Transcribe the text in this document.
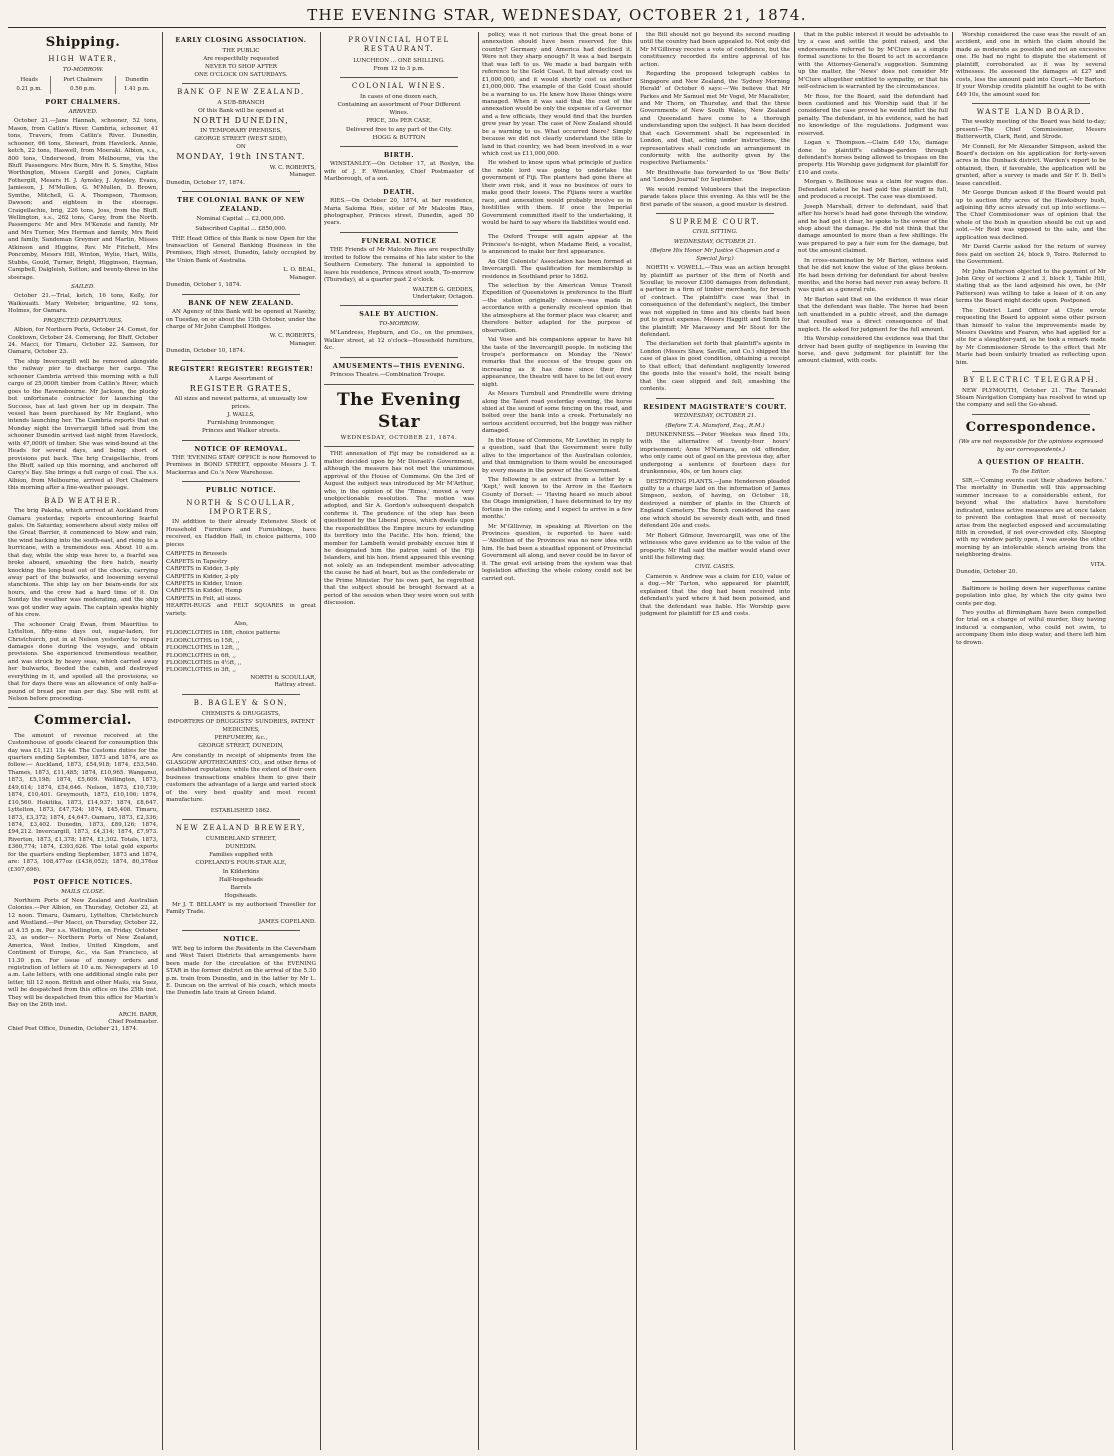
THE EVENING STAR, WEDNESDAY, OCTOBER 21, 1874.
Shipping.
HIGH WATER,
TO-MORROW.
Heads	Port Chalmers	Dunedin
0.21 p.m.	0.56 p.m.	1.41 p.m.
PORT CHALMERS.
ARRIVED.

October 21.—Jane Hannah, schooner, 52 tons, Mason, from Catlin's River. Cambria, schooner, 41 tons, Travers, from Catlin's River. Dunedin, schooner, 66 tons, Stewart, from Havelock. Annie, ketch, 22 tons, Haswell, from Moeraki. Albion, s.s., 800 tons, Underwood, from Melbourne, via the Bluff. Passengers: Mrs Burn, Mrs R. S. Smythe, Miss Worthington, Misses Cargill and Jones, Captain Fothergill, Messrs H. J. Aynsley, J. Aynsley, Evans, Jamieson, J. M'Mullen, G. M'Mullen, D. Brown, Symthe, Mitchell, G. A. Thompson, Thomson, Dawson; and eighteen in the steerage. Craigellachie, brig, 226 tons, Joss, from the Bluff. Wellington, s.s., 262 tons, Carey, from the North. Passengers: Mr and Mrs M'Kenzie and family, Mr and Mrs Turner, Mrs Herman and family, Mrs Reid and family, Sandeman Greymer and Martin, Misses Atkinson and Higgins, Rev. Mr Fitchett, Mrs Poncomby, Messrs Hill, Winton, Wylie, Hart, Wills, Stubbs, Gould, Turner, Bright, Higginson, Hayman, Campbell, Dalgleish, Sutton; and twenty-three in the steerage.

SAILED.

October 21.—Trial, ketch, 16 tons, Kelly, for Waikouaiti. Mary Webster, brigantine, 92 tons, Holmes, for Oamaru.

PROJECTED DEPARTURES.

Albion, for Northern Ports, October 24. Comet, for Cooktown, October 24. Comerang, for Bluff, October 24. Macci, for Timaru, October 22. Samson, for Oamaru, October 23.

The ship Invercargill will be removed alongside the railway pier to discharge her cargo. The schooner Cambria arrived this morning with a full cargo of 25,000ft timber from Catlin's River, which goes to the Ravensbourne. Mr Jackson, the plucky but unfortunate contractor for launching the Success, has at last given her up in despair. The vessel has been purchased by Mr England, who intends launching her. The Cambria reports that on Monday night the Invercargill lifted sail from the schooner Dunedin arrived last night from Havelock, with 47,000ft of timber. She was wind-bound at the Heads for several days, and being short of provisions put back. The brig Craigellachie, from the Bluff, sailed up this morning, and anchored off Carey's Bay. She brings a full cargo of coal. The s.s. Albion, from Melbourne, arrived at Port Chalmers this morning after a fine-weather passage.

BAD WEATHER.

The brig Pakeha, which arrived at Auckland from Oamaru yesterday, reports encountering fearful gales. On Saturday, somewhere about sixty miles off the Great Barrier, it commenced to blow and rain, the wind backing into the south-east, and rising to a hurricane, with a tremendous sea. About 10 a.m. that day, while the ship was hove to, a fearful sea broke aboard, smashing the fore hatch, nearly knocking the long-boat out of the chocks, carrying away part of the bulwarks, and loosening several stanchions. The ship lay on her beam-ends for six hours, and the crew had a hard time of it. On Sunday the weather was moderating, and the ship was got under way again. The captain speaks highly of his crew.

The schooner Craig Ewan, from Mauritius to Lyttelton, fifty-nine days out, sugar-laden, for Christchurch, put in at Nelson yesterday to repair damages done during the voyage, and obtain provisions. She experienced tremendous weather, and was struck by heavy seas, which carried away her bulwarks, flooded the cabin, and destroyed everything in it, and spoiled all the provisions, so that for days there was an allowance of only half-a-pound of bread per man per day. She will refit at Nelson before proceeding.

Commercial.

The amount of revenue received at the Customhouse of goods cleared for consumption this day was £1,121 13s 4d. The Customs duties for the quarters ending September, 1873 and 1874, are as follow:— Auckland, 1873, £54,918; 1874, £53,540. Thames, 1873, £11,485; 1874, £10,965. Wanganui, 1873, £5,198; 1874, £5,609. Wellington, 1873, £49,614; 1874, £54,646. Nelson, 1873, £10,739; 1874, £10,401. Greymouth, 1873, £10,106; 1874, £10,560. Hokitika, 1873, £14,937; 1874, £8,647. Lyttelton, 1873, £47,724; 1874, £45,408. Timaru, 1873, £3,372; 1874, £4,647. Oamaru, 1873, £2,336; 1874, £3,402. Dunedin, 1873, £89,126; 1874, £94,212. Invercargill, 1873, £4,314; 1874, £7,973. Riverton, 1873, £1,378; 1874, £1,302. Totals, 1873, £360,774; 1874, £393,626. The total gold exports for the quarters ending September, 1873 and 1874, are: 1873, 108,477oz (£436,052); 1874, 80,376oz (£307,696).

POST OFFICE NOTICES.
MAILS CLOSE.

Northern Ports of New Zealand and Australian Colonies.—Per Albion, on Thursday, October 22, at 12 noon. Timaru, Oamaru, Lyttelton, Christchurch and Westland.—Per Macci, on Thursday, October 22, at 4.15 p.m. Per s.s. Wellington, on Friday, October 23, as under— Northern Ports of New Zealand, America, West Indies, United Kingdom, and Continent of Europe, &c., via San Francisco, at 11.30 p.m. For issue of money orders and registration of letters at 10 a.m. Newspapers at 10 a.m. Late letters, with one additional single rate per letter, till 12 noon. British and other Mails, via Suez, will be despatched from this office on the 25th inst. They will be despatched from this office for Martin's Bay on the 26th inst.

ARCH. BARR,
Chief Postmaster.

Chief Post Office, Dunedin, October 21, 1874.

EARLY CLOSING ASSOCIATION.
THE PUBLIC
Are respectfully requested
NEVER TO SHOP AFTER
ONE O'CLOCK ON SATURDAYS.
BANK OF NEW ZEALAND.
A SUB-BRANCH
Of this Bank will be opened at
NORTH DUNEDIN,
IN TEMPORARY PREMISES,
GEORGE STREET (WEST SIDE),
ON
MONDAY, 19th INSTANT.
W. C. ROBERTS,
Manager.

Dunedin, October 17, 1874.

THE COLONIAL BANK OF NEW ZEALAND.
Nominal Capital ... £2,000,000.
Subscribed Capital ... £850,000.

THE Head Office of this Bank is now Open for the transaction of General Banking Business in the Premises, High street, Dunedin, lately occupied by the Union Bank of Australia.

L. O. BEAL,
Manager.

Dunedin, October 1, 1874.

BANK OF NEW ZEALAND.

AN Agency of this Bank will be opened at Naseby, on Tuesday, on or about the 13th October, under the charge of Mr John Campbell Hodges.

W. C. ROBERTS,
Manager.

Dunedin, October 10, 1874.

REGISTER! REGISTER! REGISTER!
A Large Assortment of
REGISTER GRATES,
All sizes and newest patterns, at unusually low prices.
J. WALLS,
Furnishing Ironmonger,
Princes and Walker streets.
NOTICE OF REMOVAL.

THE 'EVENING STAR' OFFICE is now Removed to Premises in BOND STREET, opposite Messrs J. T. Mackerras and Co.'s New Warehouse.

PUBLIC NOTICE.
NORTH & SCOULLAR, IMPORTERS,

IN addition to their already Extensive Stock of Household Furniture and Furnishings, have received, ex Haddon Hall, in choice patterns, 100 pieces

CARPETS in Brussels
CARPETS in Tapestry
CARPETS in Kidder, 3-ply
CARPETS in Kidder, 2-ply
CARPETS in Kidder, Union
CARPETS in Kidder, Hemp
CARPETS in Felt, all sizes.
HEARTH-RUGS and FELT SQUARES in great variety.
Also,
FLOORCLOTHS in 18ft, choice patterns
FLOORCLOTHS in 15ft, ,,
FLOORCLOTHS in 12ft, ,,
FLOORCLOTHS in 6ft, ,,
FLOORCLOTHS in 4½ft, ,,
FLOORCLOTHS in 3ft, ,,
NORTH & SCOULLAR,
Rattray street.
B. BAGLEY & SON,
CHEMISTS & DRUGGISTS,
IMPORTERS OF DRUGGISTS' SUNDRIES, PATENT MEDICINES,
PERFUMERY, &c.,
GEORGE STREET, DUNEDIN,

Are constantly in receipt of shipments from the GLASGOW APOTHECARIES' CO., and other firms of established reputation; while the extent of their own business transactions enables them to give their customers the advantage of a large and varied stock of the very best quality and most recent manufacture.

ESTABLISHED 1862.
NEW ZEALAND BREWERY,
CUMBERLAND STREET,
DUNEDIN.
Families supplied with
COPELAND'S FOUR-STAR ALE,
In Kilderkins
Half-hogsheads
Barrels
Hogsheads.

Mr J. T. BELLAMY is my authorised Traveller for Family Trade.

JAMES COPELAND.
NOTICE.

WE beg to inform the Residents in the Caversham and West Taieri Districts that arrangements have been made for the circulation of the EVENING STAR in the former district on the arrival of the 5.30 p.m. train from Dunedin, and in the latter by Mr L. E. Duncan on the arrival of his coach, which meets the Dunedin late train at Green Island.

PROVINCIAL HOTEL RESTAURANT.
LUNCHEON ... ONE SHILLING.
From 12 to 3 p.m.
COLONIAL WINES.
In cases of one dozen each,
Containing an assortment of Four Different
Wines.
PRICE, 30s PER CASE,
Delivered free to any part of the City.
HOGG & BUTTON
BIRTH.

WINSTANLEY.—On October 17, at Roslyn, the wife of J. F. Winstanley, Chief Postmaster of Marlborough, of a son.

DEATH.

RIES.—On October 20, 1874, at her residence, Maria Saloma Ries, sister of Mr Malcolm Ries, photographer, Princes street, Dunedin, aged 50 years.

FUNERAL NOTICE

THE Friends of Mr Malcolm Ries are respectfully invited to follow the remains of his late sister to the Southern Cemetery. The funeral is appointed to leave his residence, Princes street south, To-morrow (Thursday), at a quarter past 2 o'clock.

WALTER G. GEDDES,
Undertaker, Octagon.
SALE BY AUCTION.
TO-MORROW.

M'Landress, Hepburn, and Co., on the premises, Walker street, at 12 o'clock—Household furniture, &c.

AMUSEMENTS—THIS EVENING.

Princess Theatre.—Combination Troupe.

The Evening Star
WEDNESDAY, OCTOBER 21, 1874.

THE annexation of Fiji may be considered as a matter decided upon by Mr Disraeli's Government, although the measure has not met the unanimous approval of the House of Commons. On the 3rd of August the subject was introduced by Mr M'Arthur, who, in the opinion of the 'Times,' moved a very unobjectionable resolution. The motion was adopted, and Sir A. Gordon's subsequent despatch confirms it. The prudence of the step has been questioned by the Liberal press, which dwells upon the responsibilities the Empire incurs by extending its territory into the Pacific. His hon. friend, the member for Lambeth would probably excuse him if he designated him the patron saint of the Fiji Islanders, and his hon. friend appeared this evening not solely as an independent member advocating the cause he had at heart, but as the confederate or the Prime Minister. For his own part, he regretted that the subject should be brought forward at a period of the session when they were worn out with discussion.

policy, was it not curious that the great bone of annexation should have been reserved for this country? Germany and America had declined it. Were not they sharp enough? It was a bad bargain that was left to us. We made a bad bargain with reference to the Gold Coast. It had already cost us £1,000,000, and it would shortly cost us another £1,000,000. The example of the Gold Coast should be a warning to us. He knew how these things were managed. When it was said that the cost of the annexation would be only the expense of a Governor and a few officials, they would find that the burden grew year by year. The case of New Zealand should be a warning to us. What occurred there? Simply because we did not clearly understand the title to land in that country, we had been involved in a war which cost us £11,000,000.

He wished to know upon what principle of justice the noble lord was going to undertake the government of Fiji. The planters had gone there at their own risk, and it was no business of ours to make good their losses. The Fijians were a warlike race, and annexation would probably involve us in hostilities with them. If once the Imperial Government committed itself to the undertaking, it would be hard to say where its liabilities would end.

The Oxford Troupe will again appear at the Princess's to-night, when Madame Reid, a vocalist, is announced to make her first appearance.

An Old Colonists' Association has been formed at Invercargill. The qualification for membership is residence in Southland prior to 1862.

The selection by the American Venus Transit Expedition of Queenstown is preference to the Bluff—the station originally chosen—was made in accordance with a generally received opinion that the atmosphere at the former place was clearer, and therefore better adapted for the purpose of observation.

Val Vose and his companions appear to have hit the taste of the Invercargill people. In noticing the troupe's performance on Monday the 'News' remarks that the success of the troupe goes on increasing as it has done since their first appearance, the theatre will have to be let out every night.

As Messrs Turnbull and Prendiville were driving along the Taieri road yesterday evening, the horse shied at the sound of some fencing on the road, and bolted over the bank into a creek. Fortunately no serious accident occurred, but the buggy was rather damaged.

In the House of Commons, Mr Lowther, in reply to a question, said that the Government were fully alive to the importance of the Australian colonies, and that immigration to them would be encouraged by every means in the power of the Government.

The following is an extract from a letter by a 'Kept,' well known to the Arrow in the Eastern County of Dorset: — 'Having heard so much about the Otago immigration, I have determined to try my fortune in the colony, and I expect to arrive in a few months.'

Mr M'Gillivray, in speaking at Riverton on the Provinces question, is reported to have said:—'Abolition of the Provinces was no new idea with him. He had been a steadfast opponent of Provincial Government all along, and never could be in favor of it. The great evil arising from the system was that legislation affecting the whole colony could not be carried out.

the Bill should not go beyond its second reading until the country had been appealed to. Not only did Mr M'Gillivray receive a vote of confidence, but the constituency recorded its entire approval of his action.

Regarding the proposed telegraph cables to Singapore and New Zealand, the 'Sydney Morning Herald' of October 6 says:—'We believe that Mr Parkes and Mr Samuel met Mr Vogel, Mr Macalister, and Mr Thorn, on Thursday, and that the three Governments of New South Wales, New Zealand and Queensland have come to a thorough understanding upon the subject. It has been decided that each Government shall be represented in London, and that, acting under instructions, the representatives shall conclude an arrangement in conformity with the authority given by the respective Parliaments.'

Mr Braithwaite has forwarded to us 'Bow Bells' and 'London Journal' for September.

We would remind Volunteers that the inspection parade takes place this evening. As this will be the first parade of the season, a good muster is desired.

SUPREME COURT.
CIVIL SITTING.
WEDNESDAY, OCTOBER 21.
(Before His Honor Mr Justice Chapman and a Special Jury.)

NORTH v. VOWELL.—This was an action brought by plaintiff as partner of the firm of North and Scoullar, to recover £300 damages from defendant, a partner in a firm of timber merchants, for breach of contract. The plaintiff's case was that in consequence of the defendant's neglect, the timber was not supplied in time and his clients had been put to great expense. Messrs Haggitt and Smith for the plaintiff; Mr Macassey and Mr Stout for the defendant.

The declaration set forth that plaintiff's agents in London (Messrs Shaw, Saville, and Co.) shipped the case of glass in good condition, obtaining a receipt to that effect; that defendant negligently lowered the goods into the vessel's hold, the result being that the case slipped and fell, smashing the contents.

RESIDENT MAGISTRATE'S COURT.
WEDNESDAY, OCTOBER 21.
(Before T. A. Mansford, Esq., R.M.)

DRUNKENNESS.—Peter Weekes was fined 10s, with the alternative of twenty-four hours' imprisonment; Anne M'Namara, an old offender, who only came out of gaol on the previous day, after undergoing a sentence of fourteen days for drunkenness, 40s, or ten hours clay.

DESTROYING PLANTS.—Jane Henderson pleaded guilty to a charge laid on the information of James Simpson, sexton, of having, on October 18, destroyed a number of plants in the Church of England Cemetery. The Bench considered the case one which should be severely dealt with, and fined defendant 20s and costs.

Mr Robert Gilmour, Invercargill, was one of the witnesses who gave evidence as to the value of the property. Mr Hall said the matter would stand over until the following day.

CIVIL CASES.

Cameron v. Andrew was a claim for £10, value of a dog.—Mr Turton, who appeared for plaintiff, explained that the dog had been received into defendant's yard where it had been poisoned, and that the defendant was liable. His Worship gave judgment for plaintiff for £5 and costs.

that in the public interest it would be advisable to try a case and settle the point raised, and the endorsements referred to by M'Clure as a simple formal sanctions to the Board to act in accordance with the Attorney-General's suggestion. Summing up the matter, the 'News' does not consider Mr M'Clure altogether entitled to sympathy, or that his self-ostracism is warranted by the circumstances.

Mr Ross, for the Board, said the defendant had been cautioned and his Worship said that if he considered the case proved he would inflict the full penalty. The defendant, in his evidence, said he had no knowledge of the regulations. Judgment was reserved.

Logan v. Thompson.—Claim £49 15s, damage done to plaintiff's cabbage-garden through defendant's horses being allowed to trespass on the property. His Worship gave judgment for plaintiff for £10 and costs.

Morgan v. Bellhouse was a claim for wages due. Defendant stated he had paid the plaintiff in full, and produced a receipt. The case was dismissed.

Joseph Marshall, driver to defendant, said that after his horse's head had gone through the window, and he had got it clear, he spoke to the owner of the shop about the damage. He did not think that the damage amounted to more than a few shillings. He was prepared to pay a fair sum for the damage, but not the amount claimed.

In cross-examination by Mr Barton, witness said that he did not know the value of the glass broken. He had been driving for defendant for about twelve months, and the horse had never run away before. It was quiet as a general rule.

Mr Barton said that on the evidence it was clear that the defendant was liable. The horse had been left unattended in a public street, and the damage that resulted was a direct consequence of that neglect. He asked for judgment for the full amount.

His Worship considered the evidence was that the driver had been guilty of negligence in leaving the horse, and gave judgment for plaintiff for the amount claimed, with costs.

Worship considered the case was the result of an accident, and one in which the claim should be made as moderate as possible and not an excessive one. He had no right to dispute the statement of plaintiff, corroborated as it was by several witnesses. He assessed the damages at £27 and costs, less the amount paid into Court.—Mr Barton: If your Worship credits plaintiff he ought to be with £49 10s, the amount sued for.

WASTE LAND BOARD.

The weekly meeting of the Board was held to-day; present—The Chief Commissioner, Messrs Butterworth, Clark, Reid, and Strode.

Mr Connell, for Mr Alexander Simpson, asked the Board's decision on his application for forty-seven acres in the Dunback district. Warden's report to be obtained, then, if favorable, the application will be granted, after a survey is made and Sir F. D. Bell's lease cancelled.

Mr George Duncan asked if the Board would put up to auction fifty acres of the Hawksbury bush, adjoining fifty acres already cut up into sections.—The Chief Commissioner was of opinion that the whole of the bush in question should be cut up and sold.—Mr Reid was opposed to the sale, and the application was declined.

Mr David Carrie asked for the return of survey fees paid on section 24, block 9, Toiro. Referred to the Government.

Mr John Patterson objected to the payment of Mr John Grey of sections 2 and 3, block 1, Table Hill, stating that as the land adjoined his own, he (Mr Patterson) was willing to take a lease of it on any terms the Board might decide upon. Postponed.

The District Land Officer at Clyde wrote requesting the Board to appoint some other person than himself to value the improvements made by Messrs Dawkins and Fearon, who had applied for a site for a slaughter-yard, as he took a remark made by Mr Commissioner Strode to the effect that Mr Marie had been unfairly treated as reflecting upon him.

BY ELECTRIC TELEGRAPH.

NEW PLYMOUTH, October 21. The Taranaki Steam Navigation Company has resolved to wind up the company and sell the Go-ahead.

Correspondence.

(We are not responsible for the opinions expressed by our correspondents.)

A QUESTION OF HEALTH.
To the Editor.

SIR,—'Coming events cast their shadows before.' The mortality in Dunedin will this approaching summer increase to a considerable extent, for beyond what the statistics have heretofore indicated, unless active measures are at once taken to prevent the contagion that must of necessity arise from the neglected exposed and accumulating filth in crowded, if not over-crowded city. Sleeping with my window partly open, I was awoke the other morning by an intolerable stench arising from the neighboring drains.

VITA.

Dunedin, October 20.

Baltimore is boiling down her superfluous canine population into glue, by which the city gains two cents per dog.

Two youths at Birmingham have been compelled for trial on a charge of wilful murder, they having induced a companion, who could not swim, to accompany them into deep water, and there left him to drown.
